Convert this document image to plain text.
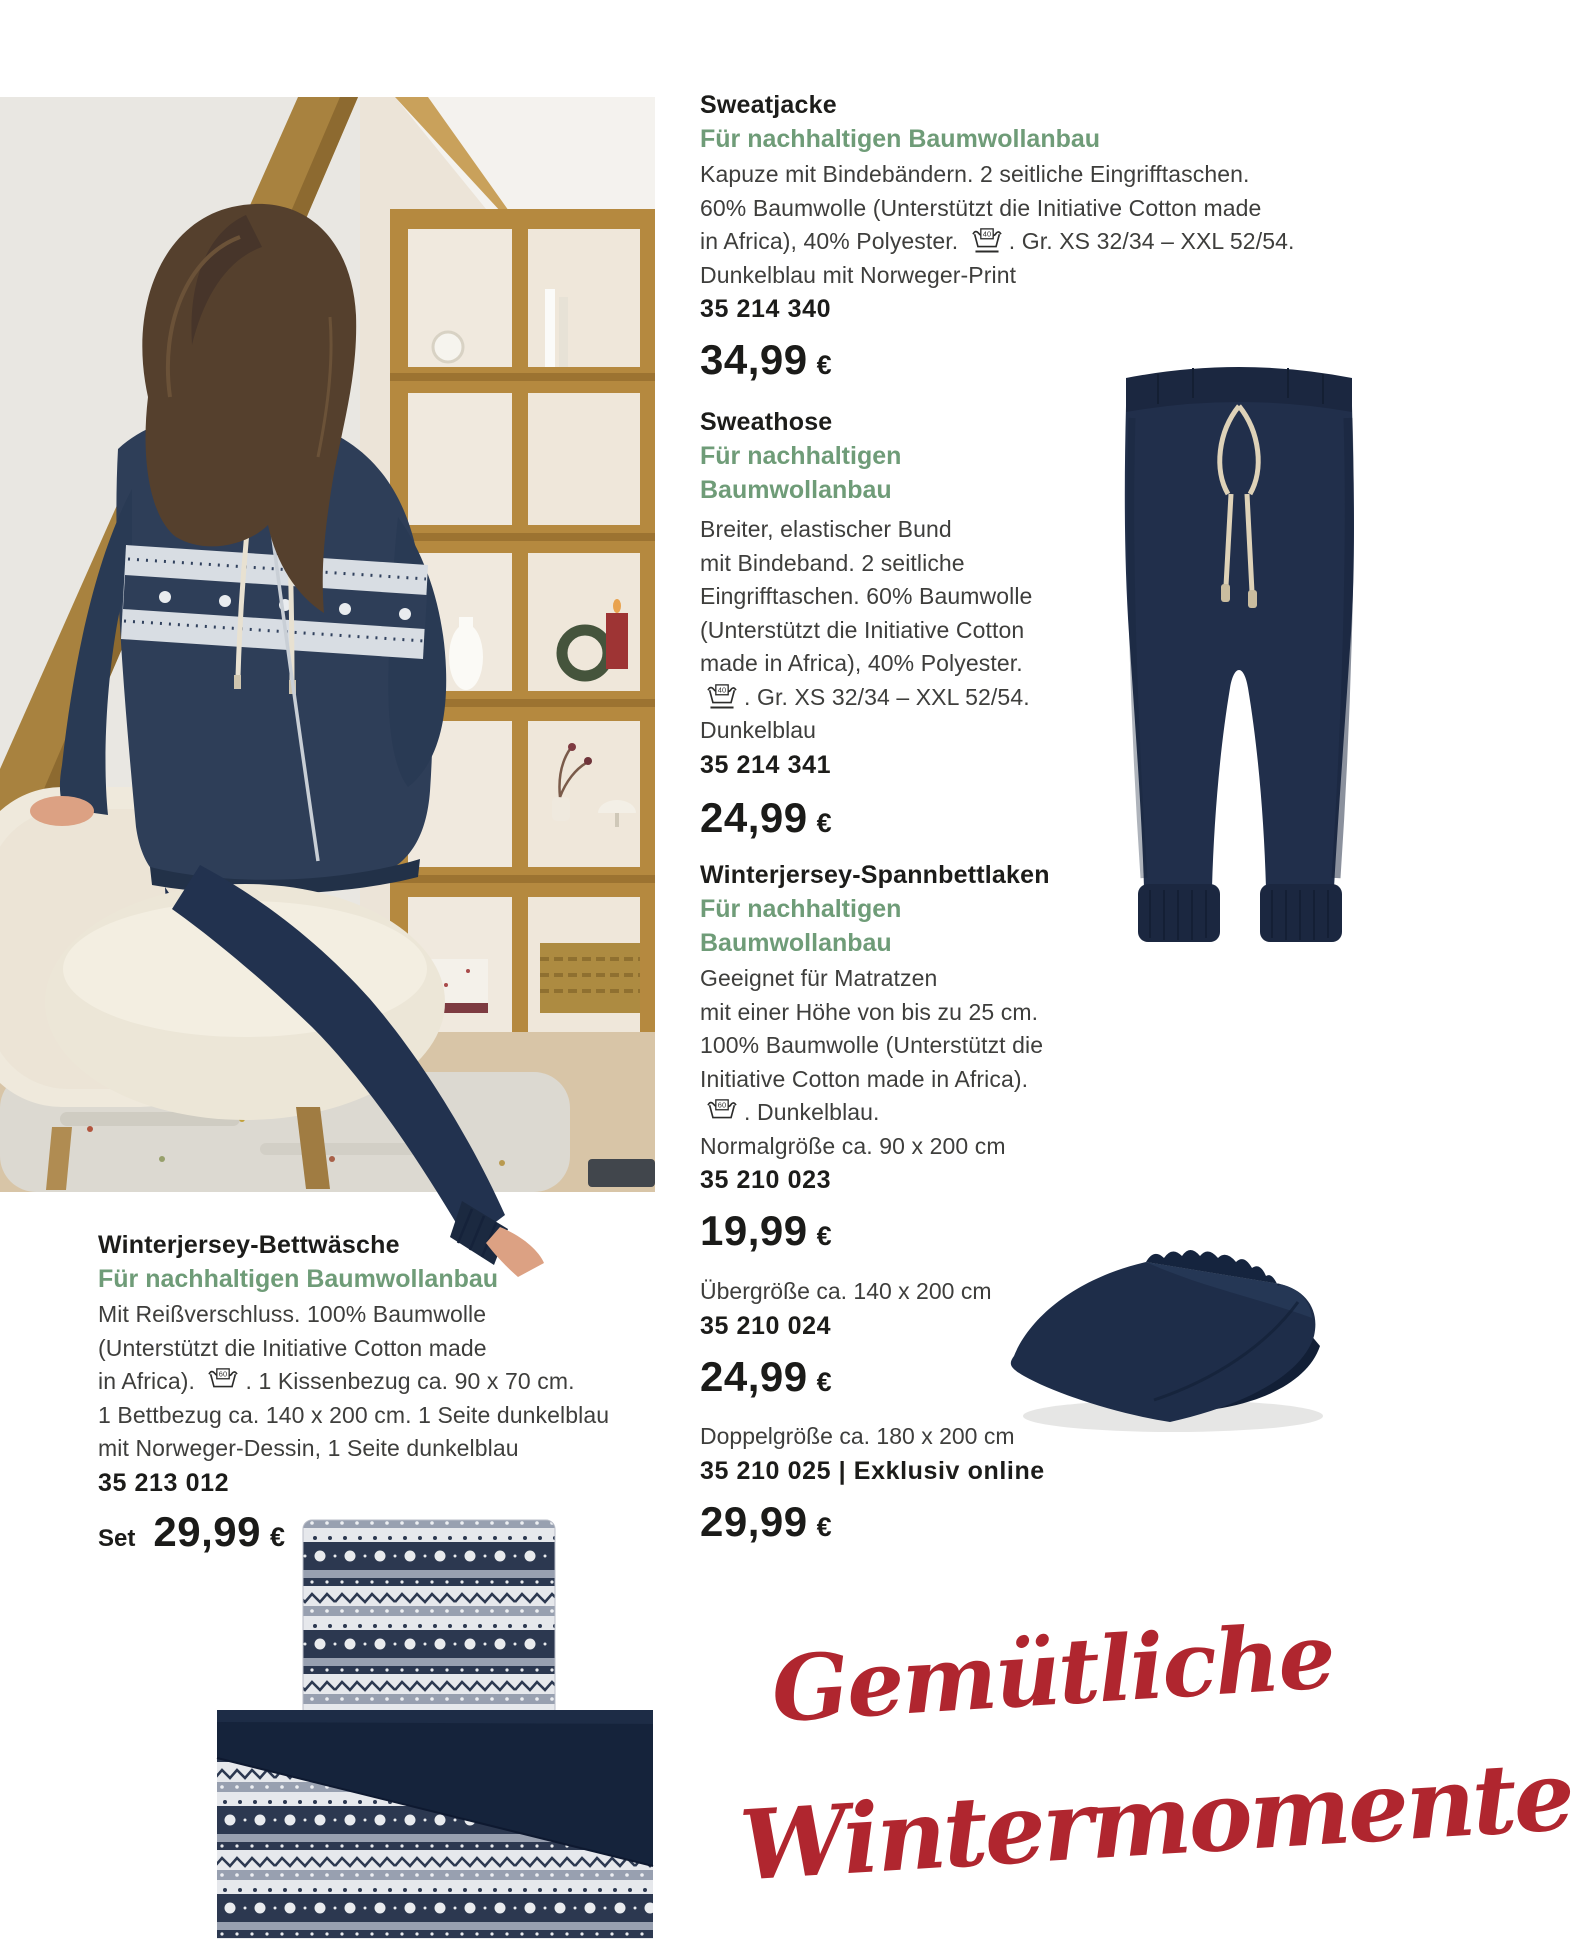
Sweatjacke
Für nachhaltigen Baumwollanbau
Kapuze mit Bindebändern. 2 seitliche Eingrifftaschen.
60% Baumwolle (Unterstützt die Initiative Cotton made
in Africa), 40% Polyester. 40 . Gr. XS 32/34 – XXL 52/54.
Dunkelblau mit Norweger-Print
35 214 340
34,99 €
Sweathose
Für nachhaltigen
Baumwollanbau
Breiter, elastischer Bund
mit Bindeband. 2 seitliche
Eingrifftaschen. 60% Baumwolle
(Unterstützt die Initiative Cotton
made in Africa), 40% Polyester.
40 . Gr. XS 32/34 – XXL 52/54.
Dunkelblau
35 214 341
24,99 €
Winterjersey-Spannbettlaken
Für nachhaltigen
Baumwollanbau
Geeignet für Matratzen
mit einer Höhe von bis zu 25 cm.
100% Baumwolle (Unterstützt die
Initiative Cotton made in Africa).
60 . Dunkelblau.
Normalgröße ca. 90 x 200 cm
35 210 023
19,99 €
Übergröße ca. 140 x 200 cm
35 210 024
24,99 €
Doppelgröße ca. 180 x 200 cm
35 210 025 | Exklusiv online
29,99 €
Winterjersey-Bettwäsche
Für nachhaltigen Baumwollanbau
Mit Reißverschluss. 100% Baumwolle
(Unterstützt die Initiative Cotton made
in Africa). 60 . 1 Kissenbezug ca. 90 x 70 cm.
1 Bettbezug ca. 140 x 200 cm. 1 Seite dunkelblau
mit Norweger-Dessin, 1 Seite dunkelblau
35 213 012
Set 29,99 €
Gemütliche
Wintermomente
